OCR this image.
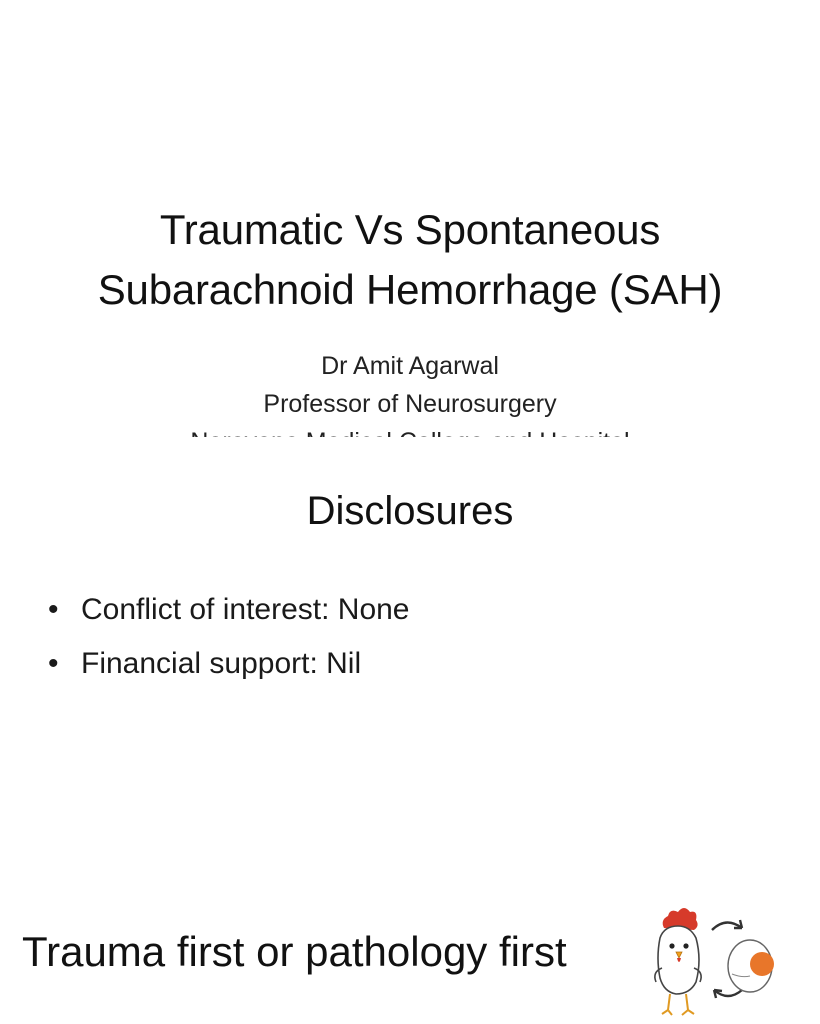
Traumatic Vs Spontaneous
Subarachnoid Hemorrhage (SAH)
Dr Amit Agarwal
Professor of Neurosurgery
Disclosures
• Conflict of interest: None
• Financial support: Nil
Trauma first or pathology first
